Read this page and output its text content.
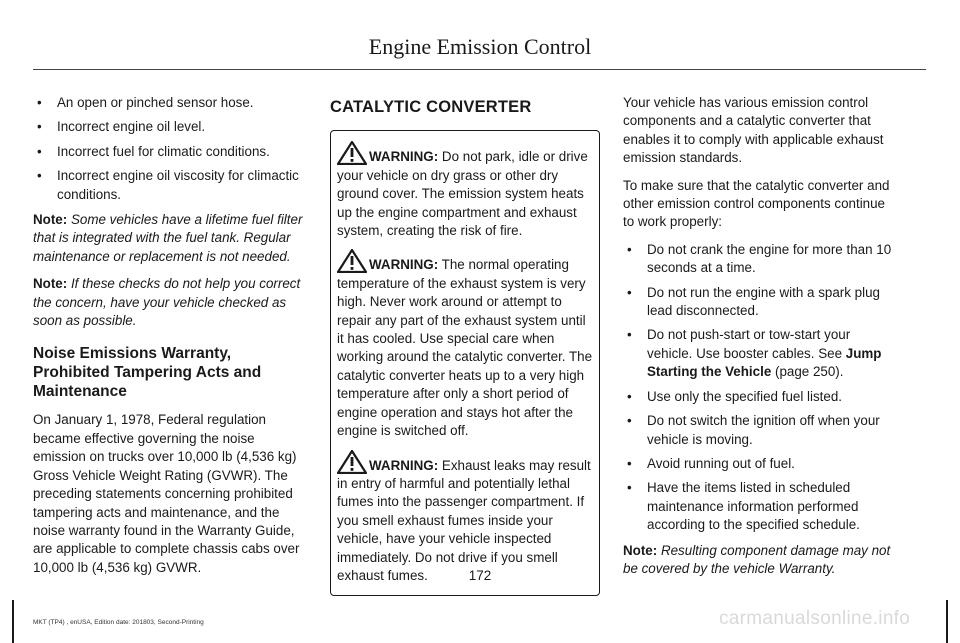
Engine Emission Control
• An open or pinched sensor hose.
• Incorrect engine oil level.
• Incorrect fuel for climatic conditions.
• Incorrect engine oil viscosity for climactic conditions.

Note: Some vehicles have a lifetime fuel filter that is integrated with the fuel tank. Regular maintenance or replacement is not needed.

Note: If these checks do not help you correct the concern, have your vehicle checked as soon as possible.

Noise Emissions Warranty, Prohibited Tampering Acts and Maintenance

On January 1, 1978, Federal regulation became effective governing the noise emission on trucks over 10,000 lb (4,536 kg) Gross Vehicle Weight Rating (GVWR). The preceding statements concerning prohibited tampering acts and maintenance, and the noise warranty found in the Warranty Guide, are applicable to complete chassis cabs over 10,000 lb (4,536 kg) GVWR.

CATALYTIC CONVERTER

WARNING: Do not park, idle or drive your vehicle on dry grass or other dry ground cover. The emission system heats up the engine compartment and exhaust system, creating the risk of fire.

WARNING: The normal operating temperature of the exhaust system is very high. Never work around or attempt to repair any part of the exhaust system until it has cooled. Use special care when working around the catalytic converter. The catalytic converter heats up to a very high temperature after only a short period of engine operation and stays hot after the engine is switched off.

WARNING: Exhaust leaks may result in entry of harmful and potentially lethal fumes into the passenger compartment. If you smell exhaust fumes inside your vehicle, have your vehicle inspected immediately. Do not drive if you smell exhaust fumes.

Your vehicle has various emission control components and a catalytic converter that enables it to comply with applicable exhaust emission standards.

To make sure that the catalytic converter and other emission control components continue to work properly:

• Do not crank the engine for more than 10 seconds at a time.
• Do not run the engine with a spark plug lead disconnected.
• Do not push-start or tow-start your vehicle. Use booster cables. See Jump Starting the Vehicle (page 250).
• Use only the specified fuel listed.
• Do not switch the ignition off when your vehicle is moving.
• Avoid running out of fuel.
• Have the items listed in scheduled maintenance information performed according to the specified schedule.

Note: Resulting component damage may not be covered by the vehicle Warranty.

172
MKT (TP4) , enUSA, Edition date: 201803, Second-Printing	carmanualsonline.info
